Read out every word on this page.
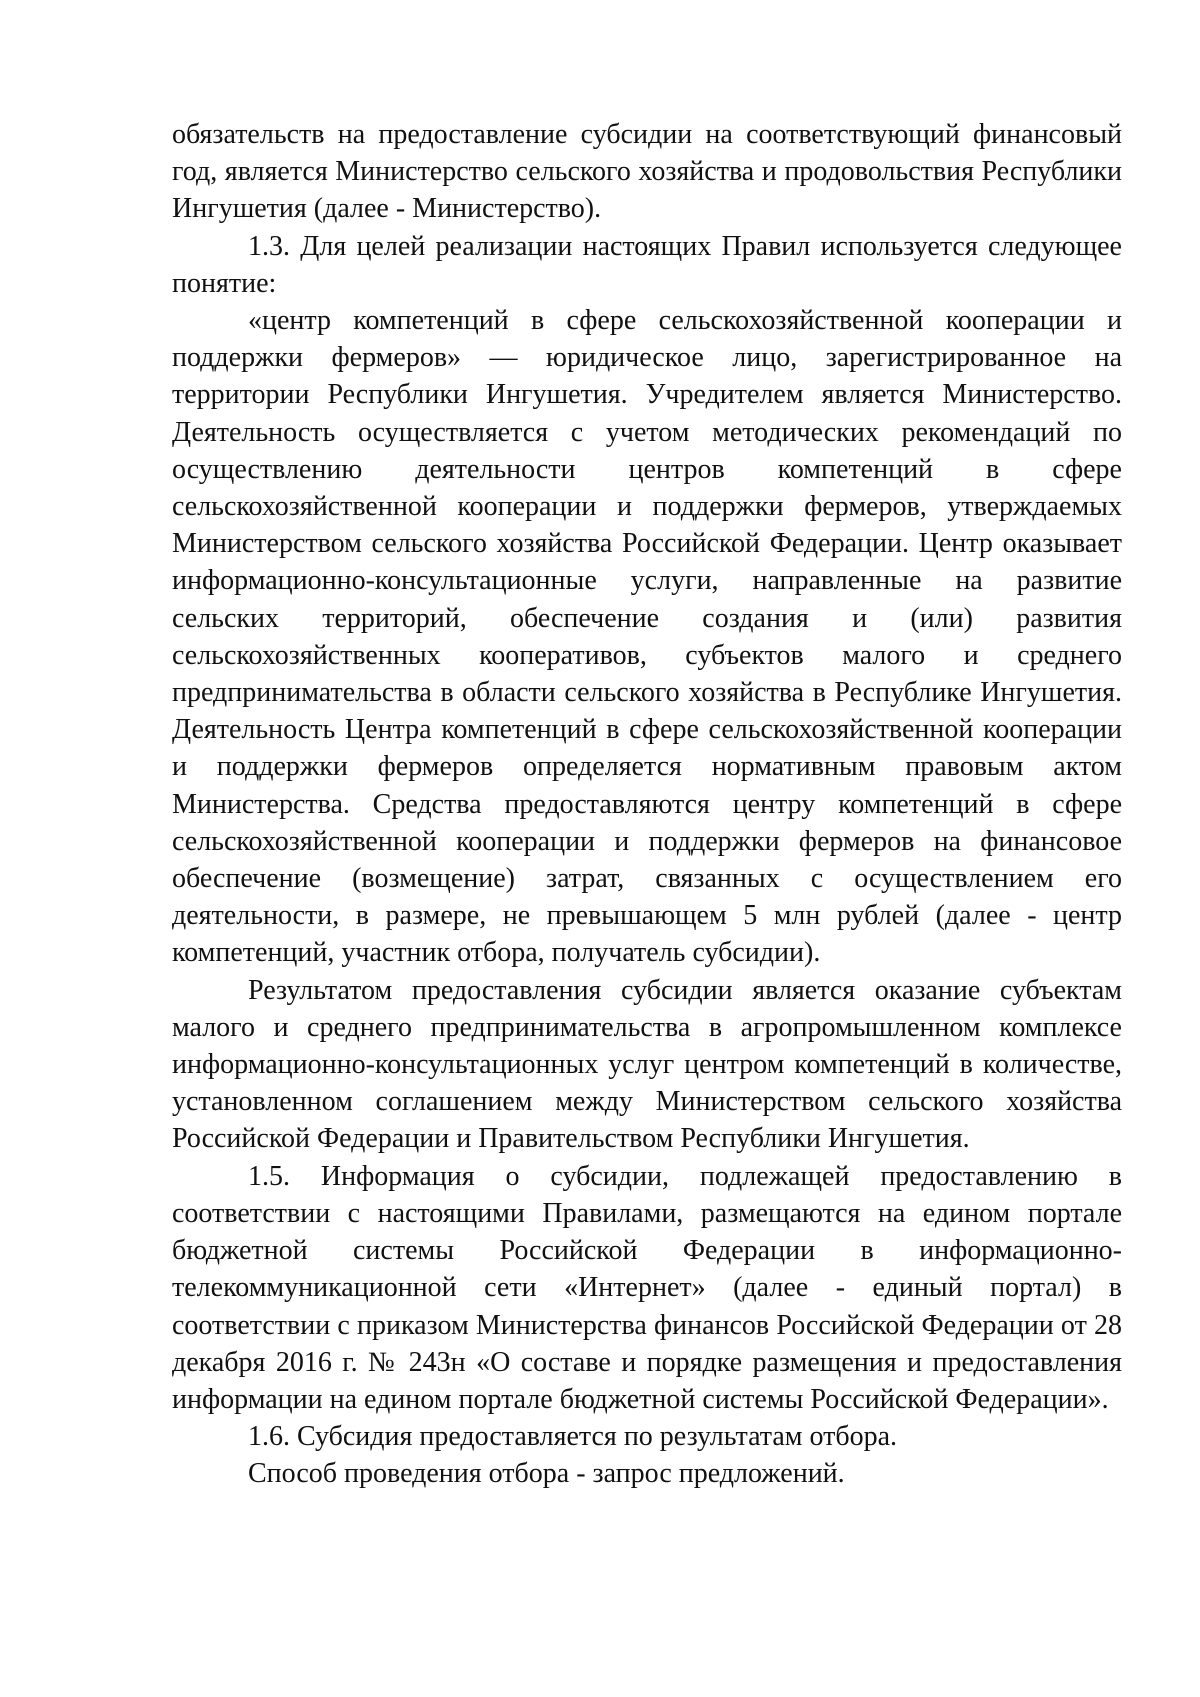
обязательств на предоставление субсидии на соответствующий финансовый год, является Министерство сельского хозяйства и продовольствия Республики Ингушетия (далее - Министерство).

1.3. Для целей реализации настоящих Правил используется следующее понятие:

«центр компетенций в сфере сельскохозяйственной кооперации и поддержки фермеров» — юридическое лицо, зарегистрированное на территории Республики Ингушетия. Учредителем является Министерство. Деятельность осуществляется с учетом методических рекомендаций по осуществлению деятельности центров компетенций в сфере сельскохозяйственной кооперации и поддержки фермеров, утверждаемых Министерством сельского хозяйства Российской Федерации. Центр оказывает информационно-консультационные услуги, направленные на развитие сельских территорий, обеспечение создания и (или) развития сельскохозяйственных кооперативов, субъектов малого и среднего предпринимательства в области сельского хозяйства в Республике Ингушетия. Деятельность Центра компетенций в сфере сельскохозяйственной кооперации и поддержки фермеров определяется нормативным правовым актом Министерства. Средства предоставляются центру компетенций в сфере сельскохозяйственной кооперации и поддержки фермеров на финансовое обеспечение (возмещение) затрат, связанных с осуществлением его деятельности, в размере, не превышающем 5 млн рублей (далее - центр компетенций, участник отбора, получатель субсидии).

Результатом предоставления субсидии является оказание субъектам малого и среднего предпринимательства в агропромышленном комплексе информационно-консультационных услуг центром компетенций в количестве, установленном соглашением между Министерством сельского хозяйства Российской Федерации и Правительством Республики Ингушетия.

1.5. Информация о субсидии, подлежащей предоставлению в соответствии с настоящими Правилами, размещаются на едином портале бюджетной системы Российской Федерации в информационно-телекоммуникационной сети «Интернет» (далее - единый портал) в соответствии с приказом Министерства финансов Российской Федерации от 28 декабря 2016 г. № 243н «О составе и порядке размещения и предоставления информации на едином портале бюджетной системы Российской Федерации».

1.6. Субсидия предоставляется по результатам отбора.

Способ проведения отбора - запрос предложений.
